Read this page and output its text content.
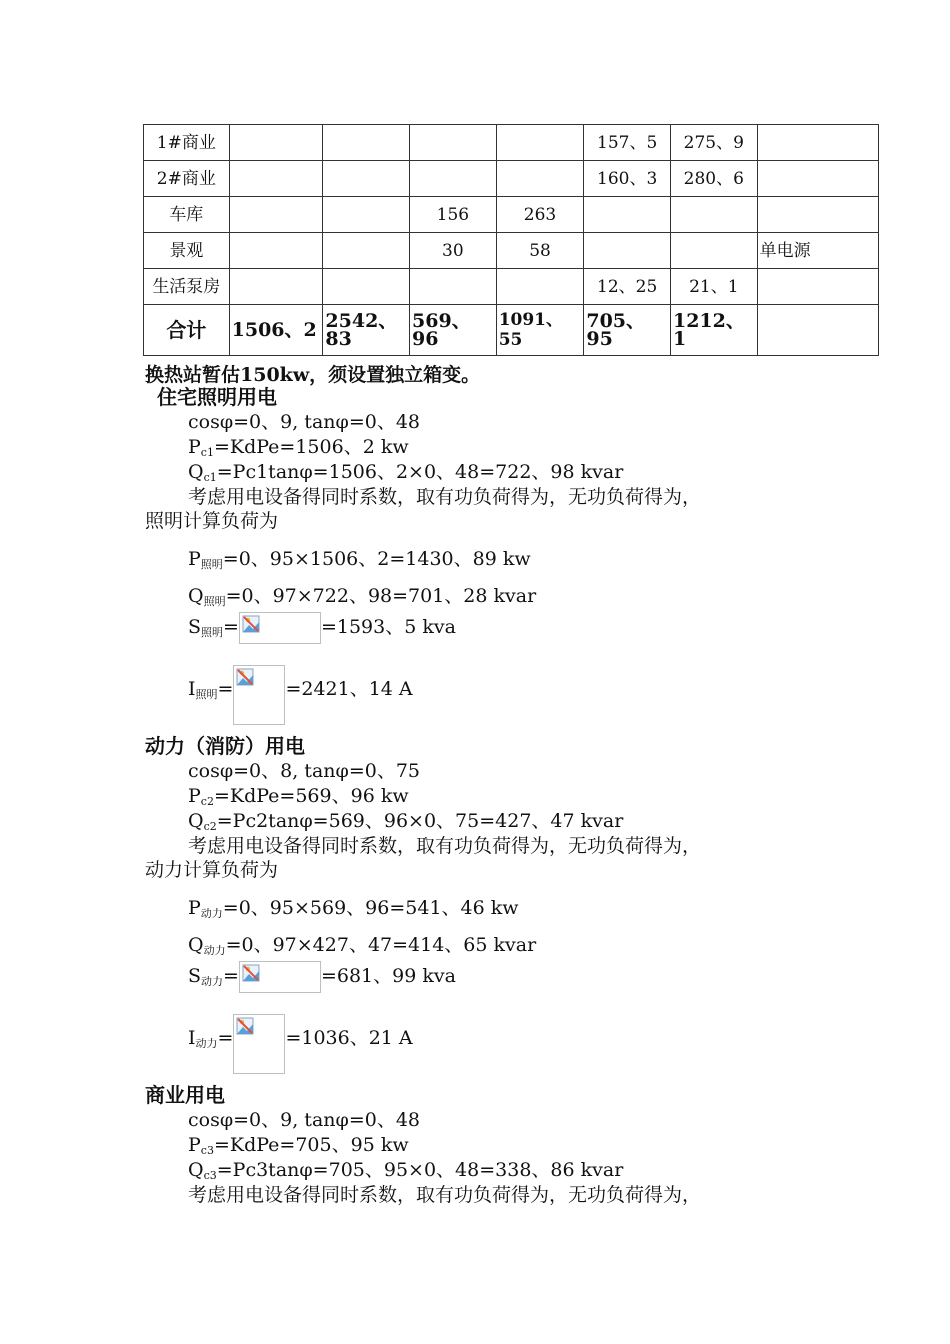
1#商业					157、5	275、9	
2#商业					160、3	280、6	
车库			156	263			
景观			30	58			单电源
生活泵房					12、25	21、1	
合计	1506、2	2542、83	569、96	1091、55	705、95	1212、1	
换热站暂估150kw，须设置独立箱变。
住宅照明用电
cosφ=0、9, tanφ=0、48
$P_{c1}=KdPe=1506$、2 kw
$Q_{c1}=Pc1\tan\varphi=1506$、2×0、48=722、98 kvar
考虑用电设备得同时系数，取有功负荷得为，无功负荷得为，
照明计算负荷为
$P_{照明}=0$、95×1506、2=1430、89 kw
$Q_{照明}=0$、97×722、98=701、28 kvar
$S_{照明}=$	=1593、5 kva
$I_{照明}=$	=2421、14 A
动力（消防）用电
cosφ=0、8, tanφ=0、75
$P_{c2}=KdPe=569$、96 kw
$Q_{c2}=Pc2\tan\varphi=569$、96×0、75=427、47 kvar
考虑用电设备得同时系数，取有功负荷得为，无功负荷得为，
动力计算负荷为
$P_{动力}=0$、95×569、96=541、46 kw
$Q_{动力}=0$、97×427、47=414、65 kvar
$S_{动力}=$	=681、99 kva
$I_{动力}=$	=1036、21 A
商业用电
cosφ=0、9, tanφ=0、48
$P_{c3}=KdPe=705$、95 kw
$Q_{c3}=Pc3\tan\varphi=705$、95×0、48=338、86 kvar
考虑用电设备得同时系数，取有功负荷得为，无功负荷得为，
